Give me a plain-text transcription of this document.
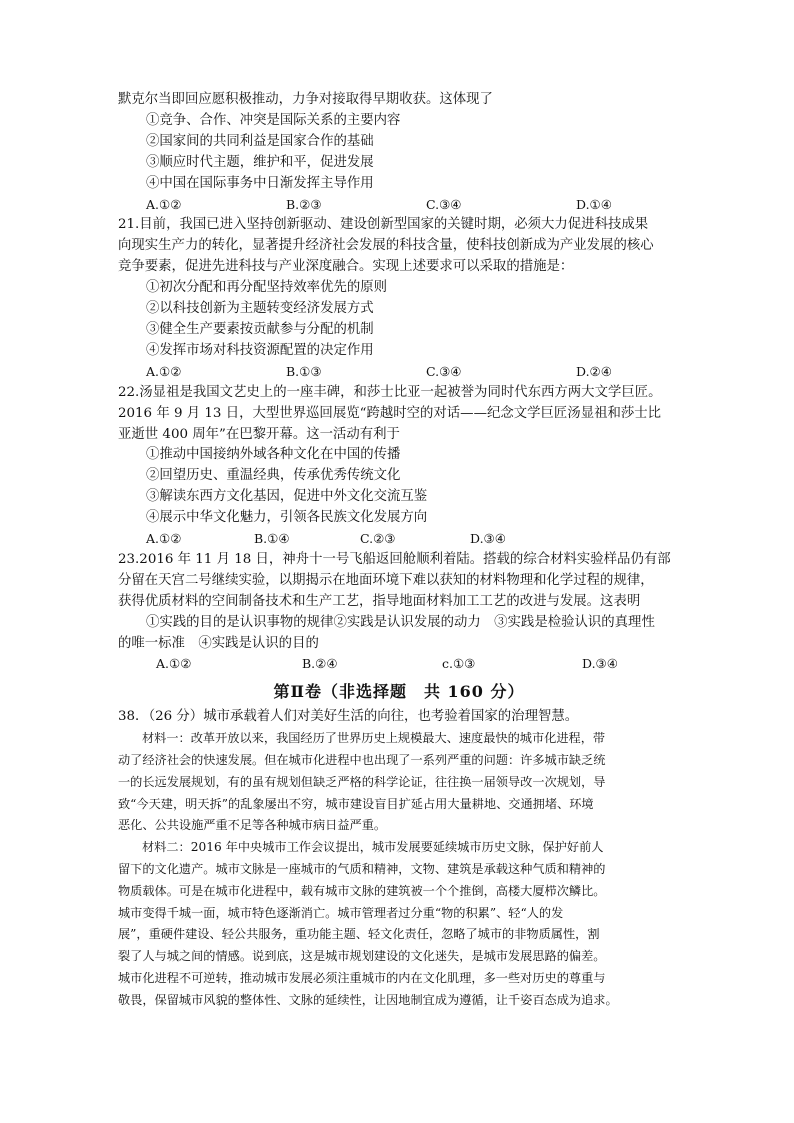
默克尔当即回应愿积极推动，力争对接取得早期收获。这体现了
①竞争、合作、冲突是国际关系的主要内容
②国家间的共同利益是国家合作的基础
③顺应时代主题，维护和平，促进发展
④中国在国际事务中日渐发挥主导作用
A.①②	B.②③	C.③④	D.①④
21.目前，我国已进入坚持创新驱动、建设创新型国家的关键时期，必须大力促进科技成果
向现实生产力的转化，显著提升经济社会发展的科技含量，使科技创新成为产业发展的核心
竞争要素，促进先进科技与产业深度融合。实现上述要求可以采取的措施是：
①初次分配和再分配坚持效率优先的原则
②以科技创新为主题转变经济发展方式
③健全生产要素按贡献参与分配的机制
④发挥市场对科技资源配置的决定作用
A.①②	B.①③	C.③④	D.②④
22.汤显祖是我国文艺史上的一座丰碑，和莎士比亚一起被誉为同时代东西方两大文学巨匠。
2016 年 9 月 13 日，大型世界巡回展览“跨越时空的对话——纪念文学巨匠汤显祖和莎士比
亚逝世 400 周年”在巴黎开幕。这一活动有利于
①推动中国接纳外域各种文化在中国的传播
②回望历史、重温经典，传承优秀传统文化
③解读东西方文化基因，促进中外文化交流互鉴
④展示中华文化魅力，引领各民族文化发展方向
A.①②	B.①④	C.②③	D.③④
23.2016 年 11 月 18 日，神舟十一号飞船返回舱顺利着陆。搭载的综合材料实验样品仍有部
分留在天宫二号继续实验，以期揭示在地面环境下难以获知的材料物理和化学过程的规律，
获得优质材料的空间制备技术和生产工艺，指导地面材料加工工艺的改进与发展。这表明
①实践的目的是认识事物的规律②实践是认识发展的动力　③实践是检验认识的真理性
的唯一标准　④实践是认识的目的
A.①②	B.②④	c.①③	D.③④
第Ⅱ卷（非选择题　共 160 分）
38．（26 分）城市承载着人们对美好生活的向往，也考验着国家的治理智慧。
材料一：改革开放以来，我国经历了世界历史上规模最大、速度最快的城市化进程，带
动了经济社会的快速发展。但在城市化进程中也出现了一系列严重的问题：许多城市缺乏统
一的长远发展规划，有的虽有规划但缺乏严格的科学论证，往往换一届领导改一次规划，导
致“今天建，明天拆”的乱象屡出不穷，城市建设盲目扩延占用大量耕地、交通拥堵、环境
恶化、公共设施严重不足等各种城市病日益严重。
材料二：2016 年中央城市工作会议提出，城市发展要延续城市历史文脉，保护好前人
留下的文化遗产。城市文脉是一座城市的气质和精神，文物、建筑是承载这种气质和精神的
物质载体。可是在城市化进程中，载有城市文脉的建筑被一个个推倒，高楼大厦栉次鳞比。
城市变得千城一面，城市特色逐渐消亡。城市管理者过分重“物的积累”、轻“人的发
展”，重硬件建设、轻公共服务，重功能主题、轻文化责任，忽略了城市的非物质属性，割
裂了人与城之间的情感。说到底，这是城市规划建设的文化迷失，是城市发展思路的偏差。
城市化进程不可逆转，推动城市发展必须注重城市的内在文化肌理，多一些对历史的尊重与
敬畏，保留城市风貌的整体性、文脉的延续性，让因地制宜成为遵循，让千姿百态成为追求。
